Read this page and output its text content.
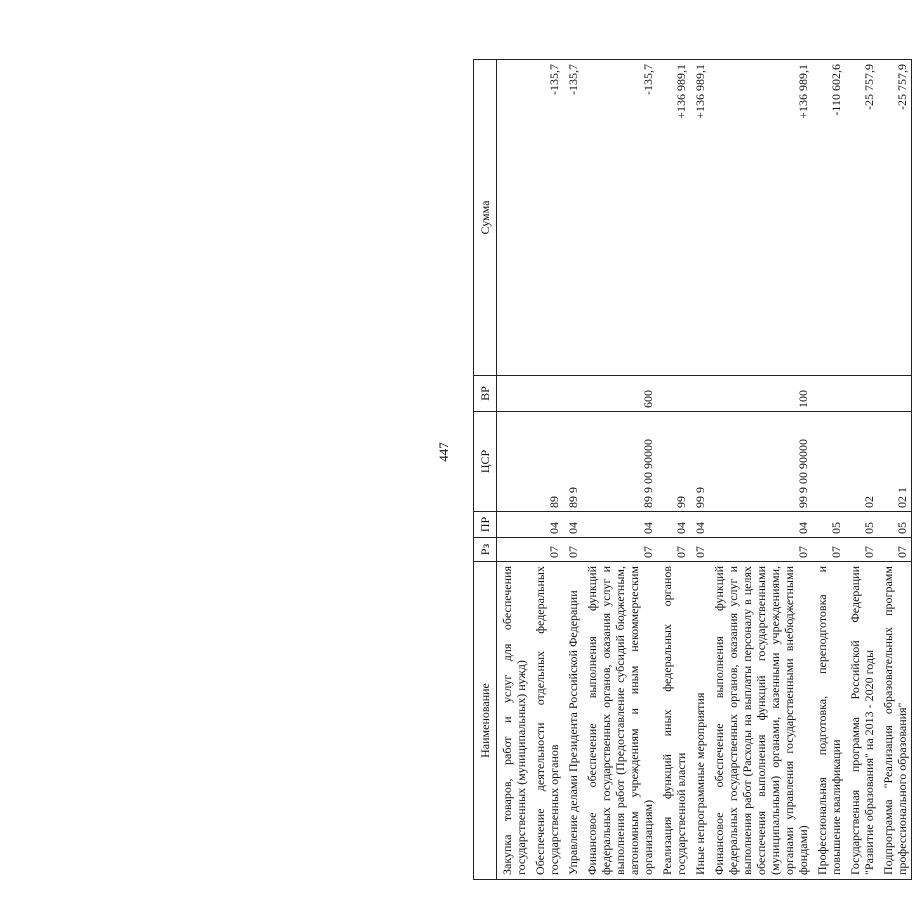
447
Наименование	Рз	ПР	ЦСР	ВР	Сумма
Закупка товаров, работ и услуг для обеспечения государственных (муниципальных) нужд)					
Обеспечение деятельности отдельных федеральных государственных органов	07	04	89		-135,7
Управление делами Президента Российской Федерации	07	04	89 9		-135,7
Финансовое обеспечение выполнения функций федеральных государственных органов, оказания услуг и выполнения работ (Предоставление субсидий бюджетным, автономным учреждениям и иным некоммерческим организациям)	07	04	89 9 00 90000	600	-135,7
Реализация функций иных федеральных органов государственной власти	07	04	99		+136 989,1
Иные непрограммные мероприятия	07	04	99 9		+136 989,1
Финансовое обеспечение выполнения функций федеральных государственных органов, оказания услуг и выполнения работ (Расходы на выплаты персоналу в целях обеспечения выполнения функций государственными (муниципальными) органами, казенными учреждениями, органами управления государственными внебюджетными фондами)	07	04	99 9 00 90000	100	+136 989,1
Профессиональная подготовка, переподготовка и повышение квалификации	07	05			-110 602,6
Государственная программа Российской Федерации "Развитие образования" на 2013 - 2020 годы	07	05	02		-25 757,9
Подпрограмма "Реализация образовательных программ профессионального образования"	07	05	02 1		-25 757,9
